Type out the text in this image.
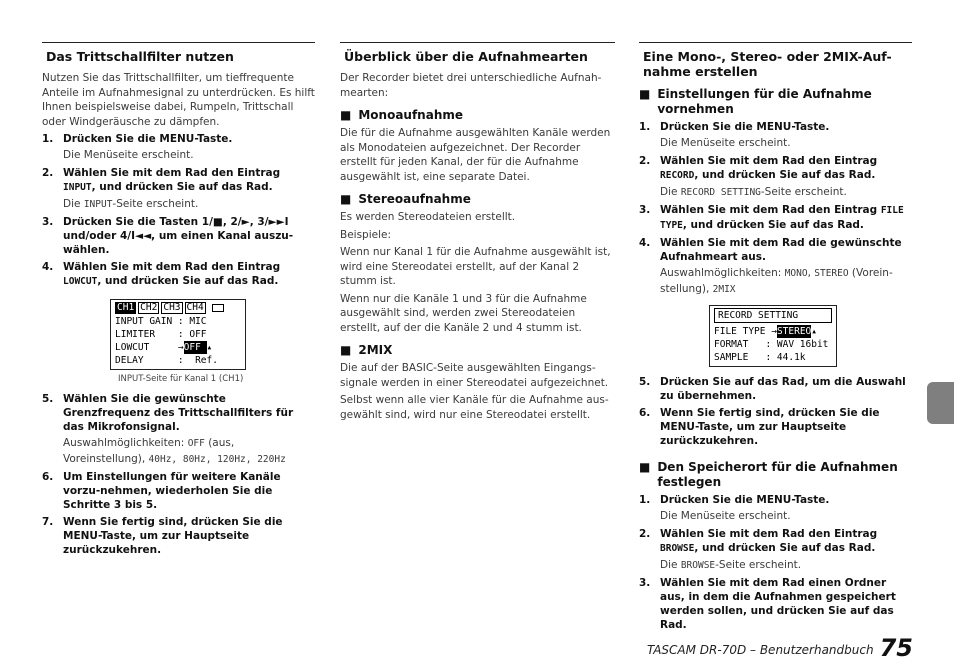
Das Trittschallfilter nutzen

Nutzen Sie das Trittschallfilter, um tieffrequente Anteile im Aufnahmesignal zu unterdrücken. Es hilft Ihnen beispielsweise dabei, Rumpeln, Trittschall oder Windgeräusche zu dämpfen.

1. Drücken Sie die MENU-Taste.
Die Menüseite erscheint.
2. Wählen Sie mit dem Rad den Eintrag INPUT, und drücken Sie auf das Rad.
Die INPUT-Seite erscheint.
3. Drücken Sie die Tasten 1/■, 2/►, 3/►►I und/oder 4/I◄◄, um einen Kanal auszu-wählen.
4. Wählen Sie mit dem Rad den Eintrag LOWCUT, und drücken Sie auf das Rad.
CH1 CH2 CH3 CH4
INPUT GAIN : MIC
LIMITER    : OFF
LOWCUT → OFF ▴
DELAY      :  Ref.
INPUT-Seite für Kanal 1 (CH1)
5. Wählen Sie die gewünschte Grenzfrequenz des Trittschallfilters für das Mikrofonsignal.
Auswahlmöglichkeiten: OFF (aus, Voreinstellung), 40Hz, 80Hz, 120Hz, 220Hz
6. Um Einstellungen für weitere Kanäle vorzu-nehmen, wiederholen Sie die Schritte 3 bis 5.
7. Wenn Sie fertig sind, drücken Sie die MENU-Taste, um zur Hauptseite zurückzukehren.
Überblick über die Aufnahmearten

Der Recorder bietet drei unterschiedliche Aufnah-mearten:

■ Monoaufnahme

Die für die Aufnahme ausgewählten Kanäle werden als Monodateien aufgezeichnet. Der Recorder erstellt für jeden Kanal, der für die Aufnahme ausgewählt ist, eine separate Datei.

■ Stereoaufnahme

Es werden Stereodateien erstellt.

Beispiele:

Wenn nur Kanal 1 für die Aufnahme ausgewählt ist, wird eine Stereodatei erstellt, auf der Kanal 2 stumm ist.

Wenn nur die Kanäle 1 und 3 für die Aufnahme ausgewählt sind, werden zwei Stereodateien erstellt, auf der die Kanäle 2 und 4 stumm ist.

■ 2MIX

Die auf der BASIC-Seite ausgewählten Eingangs-signale werden in einer Stereodatei aufgezeichnet.

Selbst wenn alle vier Kanäle für die Aufnahme aus-gewählt sind, wird nur eine Stereodatei erstellt.

Eine Mono-, Stereo- oder 2MIX-Auf-nahme erstellen
■ Einstellungen für die Aufnahme vornehmen
1. Drücken Sie die MENU-Taste.
Die Menüseite erscheint.
2. Wählen Sie mit dem Rad den Eintrag RECORD, und drücken Sie auf das Rad.
Die RECORD SETTING-Seite erscheint.
3. Wählen Sie mit dem Rad den Eintrag FILE TYPE, und drücken Sie auf das Rad.
4. Wählen Sie mit dem Rad die gewünschte Aufnahmeart aus.
Auswahlmöglichkeiten: MONO, STEREO (Vorein-stellung), 2MIX
RECORD SETTING
FILE TYPE → STEREO ▴
FORMAT   : WAV 16bit
SAMPLE   : 44.1k
5. Drücken Sie auf das Rad, um die Auswahl zu übernehmen.
6. Wenn Sie fertig sind, drücken Sie die MENU-Taste, um zur Hauptseite zurückzukehren.
■ Den Speicherort für die Aufnahmen festlegen
1. Drücken Sie die MENU-Taste.
Die Menüseite erscheint.
2. Wählen Sie mit dem Rad den Eintrag BROWSE, und drücken Sie auf das Rad.
Die BROWSE-Seite erscheint.
3. Wählen Sie mit dem Rad einen Ordner aus, in dem die Aufnahmen gespeichert werden sollen, und drücken Sie auf das Rad.
TASCAM DR-70D – Benutzerhandbuch 75
